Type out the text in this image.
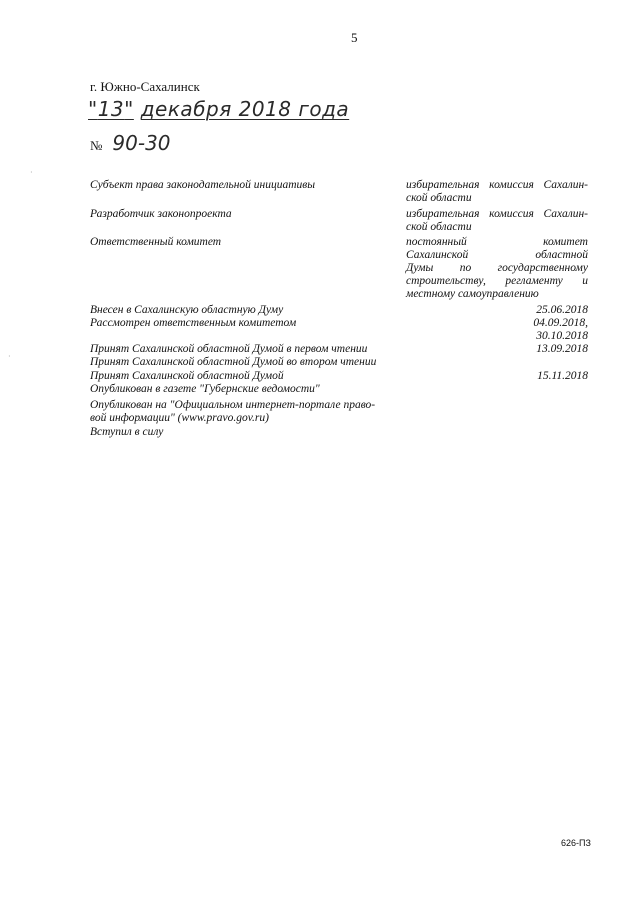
5
г. Южно-Сахалинск
"13" декабря 2018 года
№ 90-30
Субъект права законодательной инициативы	избирательная комиссия Сахалин-
ской области
Разработчик законопроекта	избирательная комиссия Сахалин-
ской области
Ответственный комитет	постоянный комитет
Сахалинской областной
Думы по государственному
строительству, регламенту и
местному самоуправлению
Внесен в Сахалинскую областную Думу	25.06.2018
Рассмотрен ответственным комитетом	04.09.2018,
30.10.2018
Принят Сахалинской областной Думой в первом чтении	13.09.2018
Принят Сахалинской областной Думой во втором чтении
Принят Сахалинской областной Думой	15.11.2018
Опубликован в газете "Губернские ведомости"
Опубликован на "Официальном интернет-портале право-
вой информации" (www.pravo.gov.ru)
Вступил в силу
·
·
626-ПЗ
